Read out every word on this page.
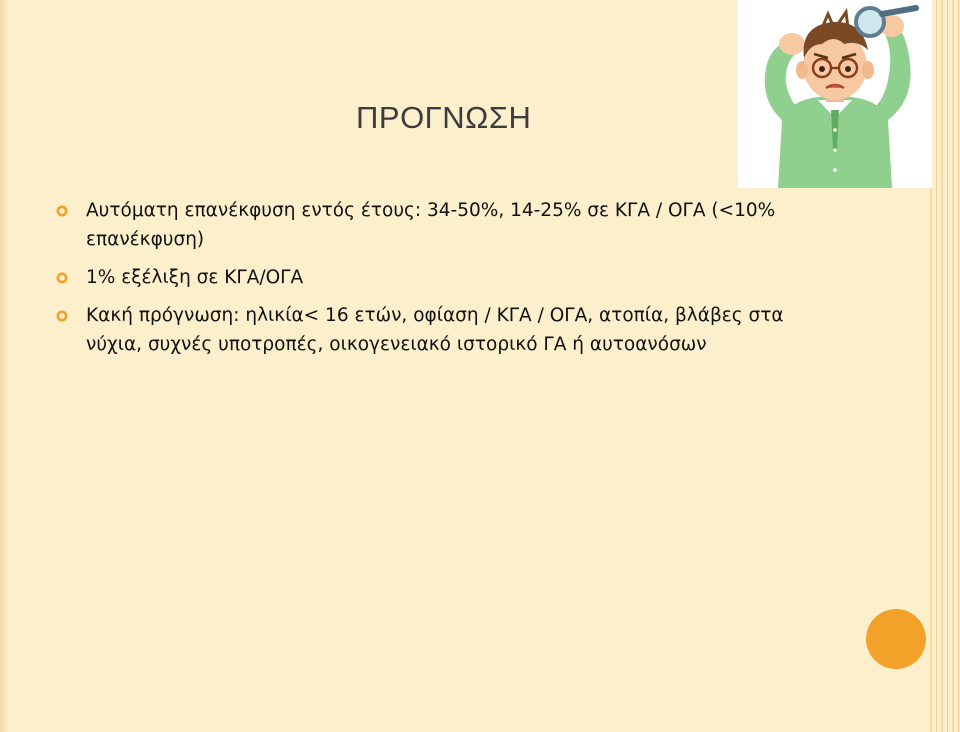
ΠΡΟΓΝΩΣΗ
Αυτόματη επανέκφυση εντός έτους: 34-50%, 14-25% σε ΚΓΑ / ΟΓΑ (<10% επανέκφυση)
1% εξέλιξη σε ΚΓΑ/ΟΓΑ
Κακή πρόγνωση: ηλικία< 16 ετών, οφίαση / ΚΓΑ / ΟΓΑ, ατοπία, βλάβες στα νύχια, συχνές υποτροπές, οικογενειακό ιστορικό ΓΑ ή αυτοανόσων
